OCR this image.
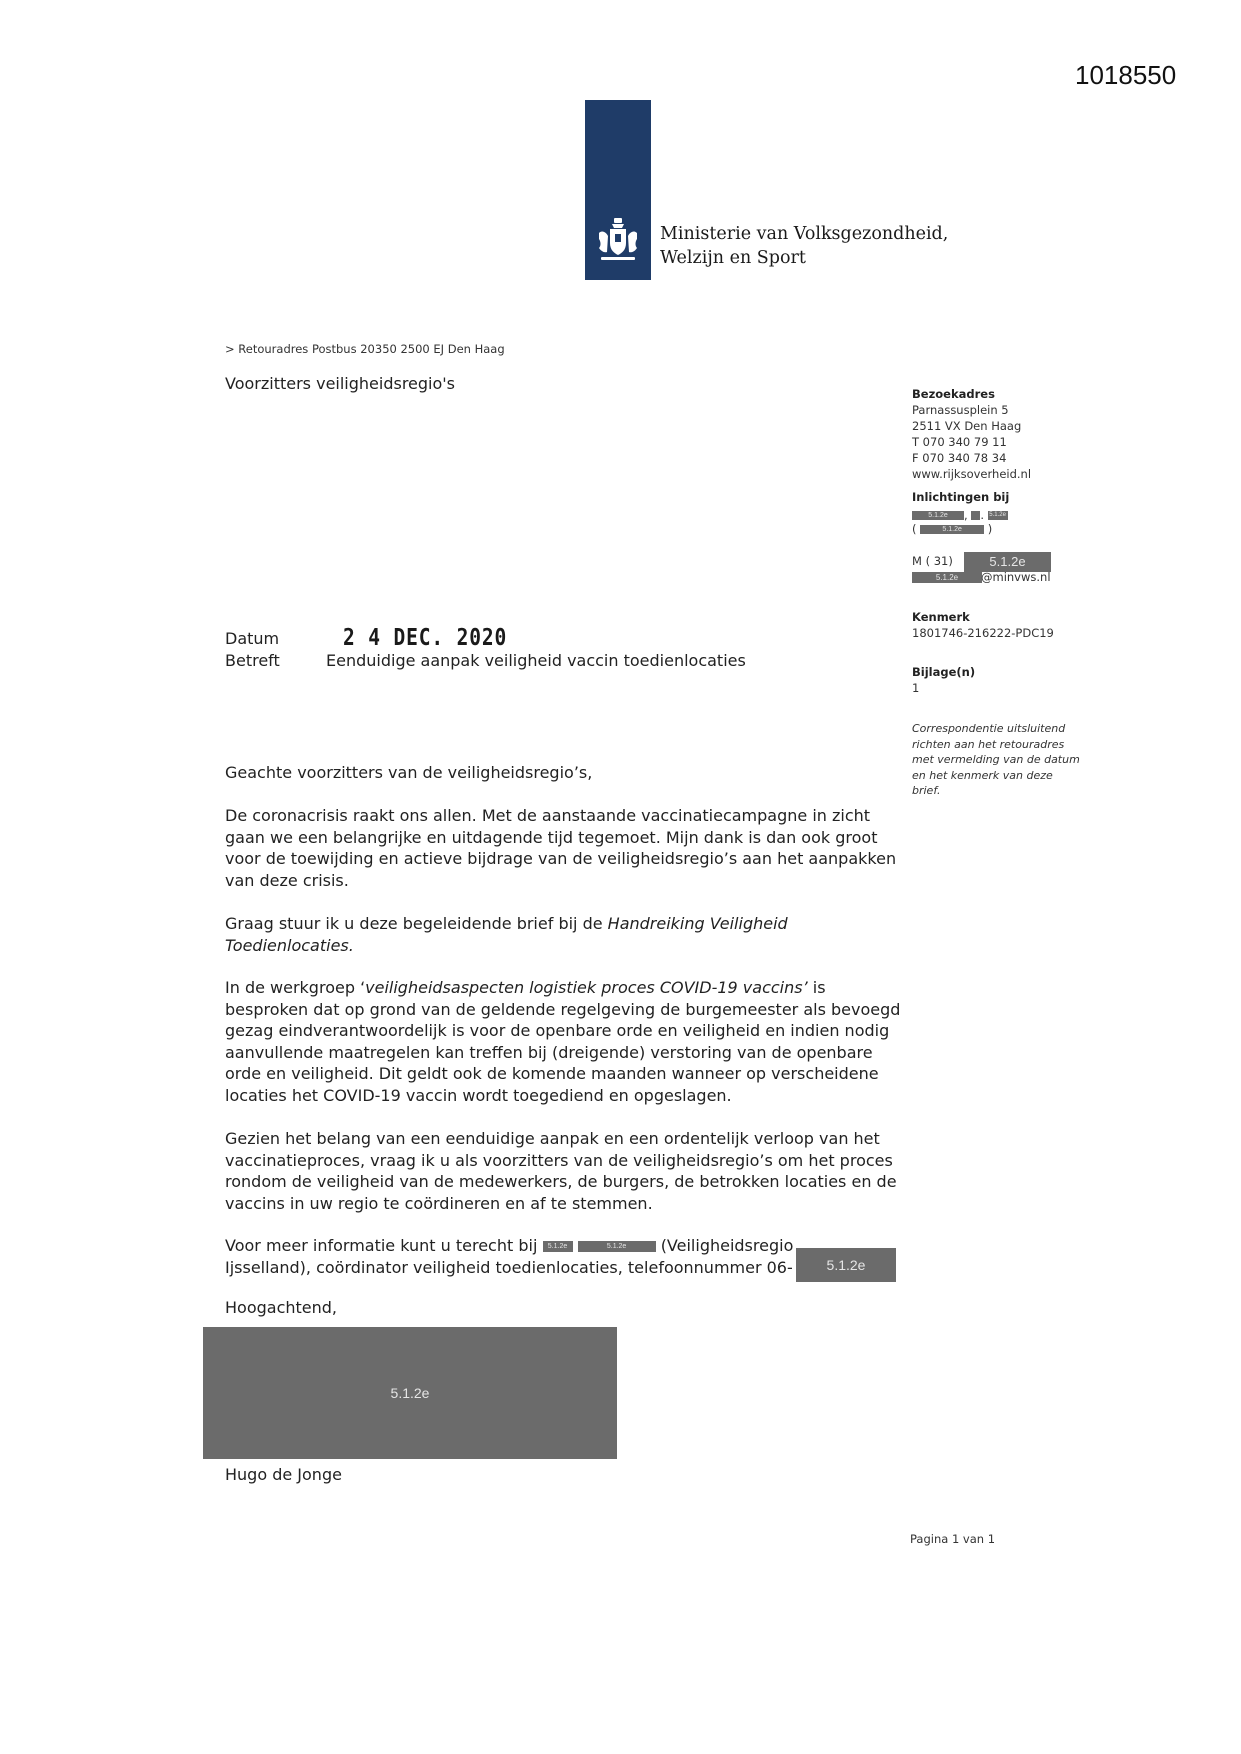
1018550
Ministerie van Volksgezondheid,
Welzijn en Sport
> Retouradres Postbus 20350 2500 EJ Den Haag
Voorzitters veiligheidsregio's
Bezoekadres
Parnassusplein 5
2511 VX Den Haag
T 070 340 79 11
F 070 340 78 34
www.rijksoverheid.nl
Inlichtingen bij
5.1.2e , . 5.1.2e
(	5.1.2e )
M ( 31)	5.1.2e
5.1.2e	@minvws.nl
Kenmerk
1801746-216222-PDC19
Bijlage(n)
1
Correspondentie uitsluitend richten aan het retouradres met vermelding van de datum en het kenmerk van deze brief.
Datum	2 4 DEC. 2020
Betreft	Eenduidige aanpak veiligheid vaccin toedienlocaties
Geachte voorzitters van de veiligheidsregio’s,
De coronacrisis raakt ons allen. Met de aanstaande vaccinatiecampagne in zicht gaan we een belangrijke en uitdagende tijd tegemoet. Mijn dank is dan ook groot voor de toewijding en actieve bijdrage van de veiligheidsregio’s aan het aanpakken van deze crisis.
Graag stuur ik u deze begeleidende brief bij de Handreiking Veiligheid Toedienlocaties.
In de werkgroep ‘veiligheidsaspecten logistiek proces COVID-19 vaccins’ is besproken dat op grond van de geldende regelgeving de burgemeester als bevoegd gezag eindverantwoordelijk is voor de openbare orde en veiligheid en indien nodig aanvullende maatregelen kan treffen bij (dreigende) verstoring van de openbare orde en veiligheid. Dit geldt ook de komende maanden wanneer op verscheidene locaties het COVID-19 vaccin wordt toegediend en opgeslagen.
Gezien het belang van een eenduidige aanpak en een ordentelijk verloop van het vaccinatieproces, vraag ik u als voorzitters van de veiligheidsregio’s om het proces rondom de veiligheid van de medewerkers, de burgers, de betrokken locaties en de vaccins in uw regio te coördineren en af te stemmen.
Voor meer informatie kunt u terecht bij 5.1.2e	5.1.2e (Veiligheidsregio
Ijsselland), coördinator veiligheid toedienlocaties, telefoonnummer 06-	5.1.2e
Hoogachtend,
5.1.2e
Hugo de Jonge
Pagina 1 van 1
